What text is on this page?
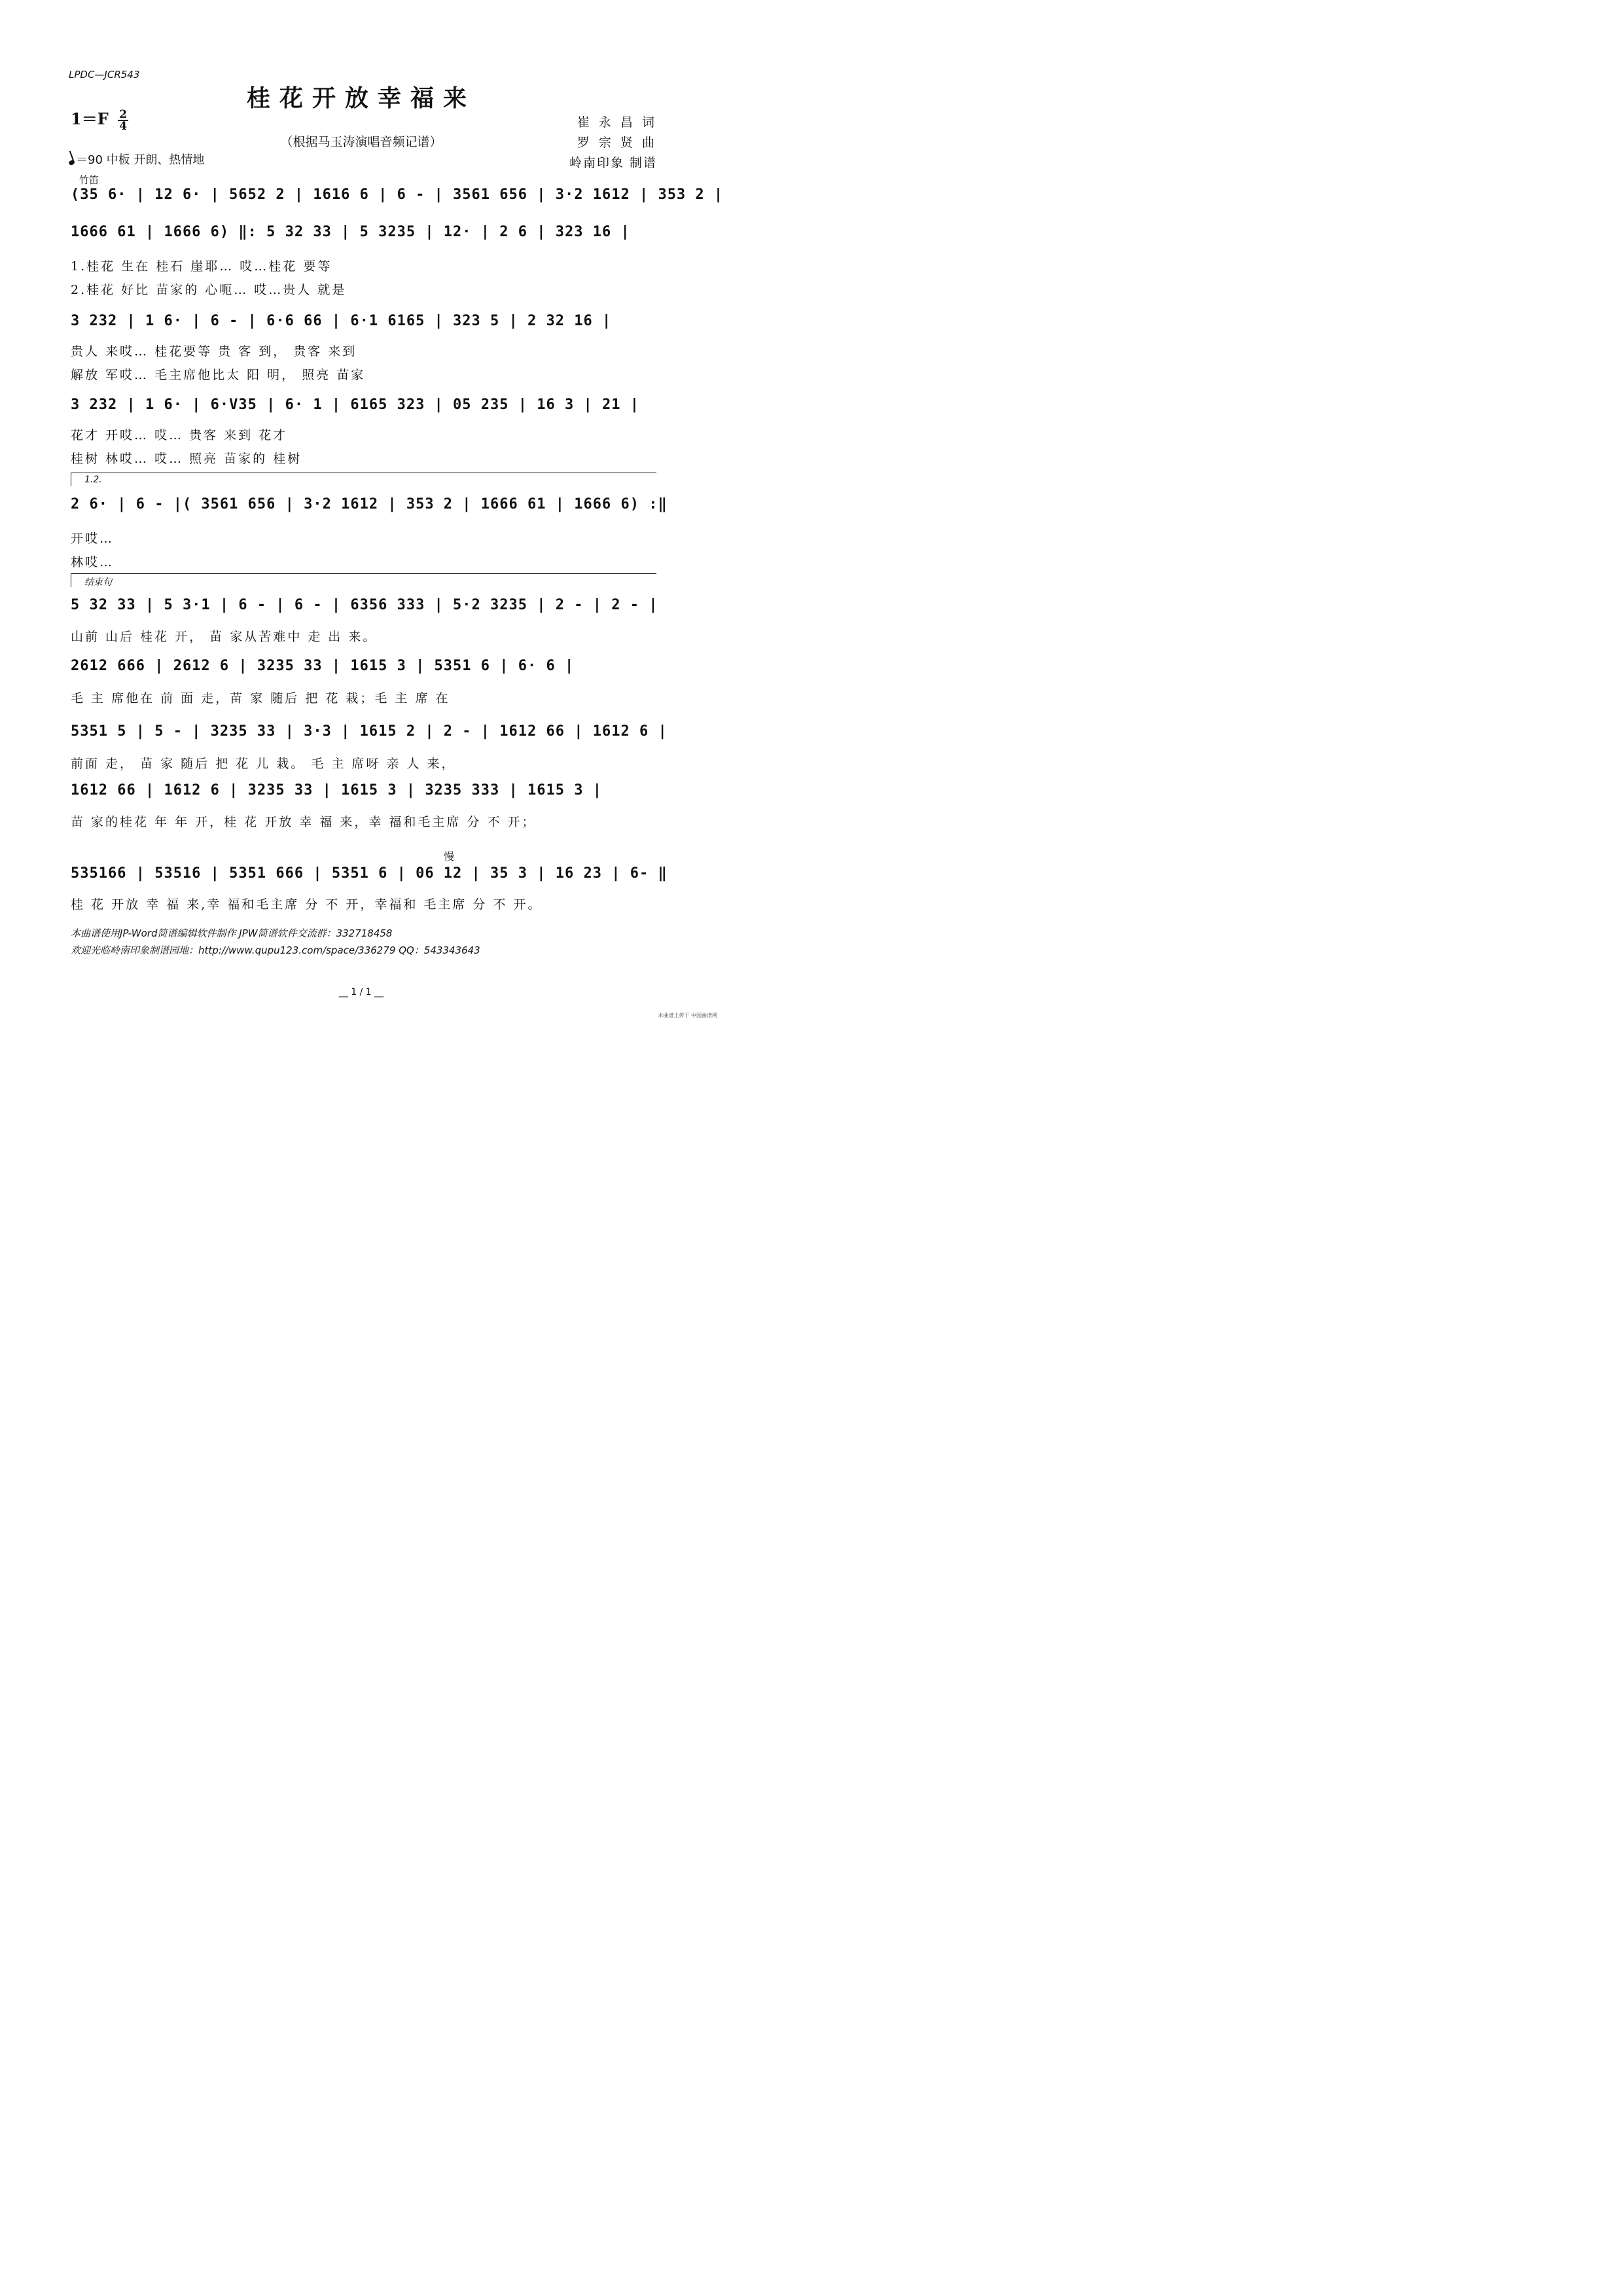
LPDC—JCR543
桂花开放幸福来
$1=F \frac{2}{4}$
（根据马玉涛演唱音频记谱）
崔 永 昌 词
罗 宗 贤 曲
岭南印象 制谱
＝90 中板 开朗、热情地
竹笛
(35 6· | 12 6· | 5652 2 | 1616 6 | 6 - | 3561 656 | 3·2 1612 | 353 2 |
1666 61 | 1666 6) ‖: 5 32 33 | 5 3235 | 12· | 2 6 | 323 16 |
1.桂花 生在 桂石 崖耶… 哎…桂花 要等
2.桂花 好比 苗家的 心呃… 哎…贵人 就是
3 232 | 1 6· | 6 - | 6·6 66 | 6·1 6165 | 323 5 | 2 32 16 |
贵人 来哎… 桂花要等 贵 客 到， 贵客 来到
解放 军哎… 毛主席他比太 阳 明， 照亮 苗家
3 232 | 1 6· | 6·V35 | 6· 1 | 6165 323 | 05 235 | 16 3 | 21 |
花才 开哎… 哎… 贵客 来到 花才
桂树 林哎… 哎… 照亮 苗家的 桂树
1.2.
2 6· | 6 - |( 3561 656 | 3·2 1612 | 353 2 | 1666 61 | 1666 6) :‖
开哎…
林哎…
结束句
5 32 33 | 5 3·1 | 6 - | 6 - | 6356 333 | 5·2 3235 | 2 - | 2 - |
山前 山后 桂花 开， 苗 家从苦难中 走 出 来。
2612 666 | 2612 6 | 3235 33 | 1615 3 | 5351 6 | 6· 6 |
毛 主 席他在 前 面 走，苗 家 随后 把 花 栽；毛 主 席 在
5351 5 | 5 - | 3235 33 | 3·3 | 1615 2 | 2 - | 1612 66 | 1612 6 |
前面 走， 苗 家 随后 把 花 儿 栽。 毛 主 席呀 亲 人 来，
1612 66 | 1612 6 | 3235 33 | 1615 3 | 3235 333 | 1615 3 |
苗 家的桂花 年 年 开，桂 花 开放 幸 福 来，幸 福和毛主席 分 不 开；
慢
535166 | 53516 | 5351 666 | 5351 6 | 06 12 | 35 3 | 16 23 | 6- ‖
桂 花 开放 幸 福 来,幸 福和毛主席 分 不 开，幸福和 毛主席 分 不 开。
本曲谱使用JP-Word简谱编辑软件制作 JPW简谱软件交流群：332718458
欢迎光临岭南印象制谱园地：http://www.qupu123.com/space/336279 QQ：543343643
__ 1 / 1 __
本曲谱上传于 中国曲谱网
